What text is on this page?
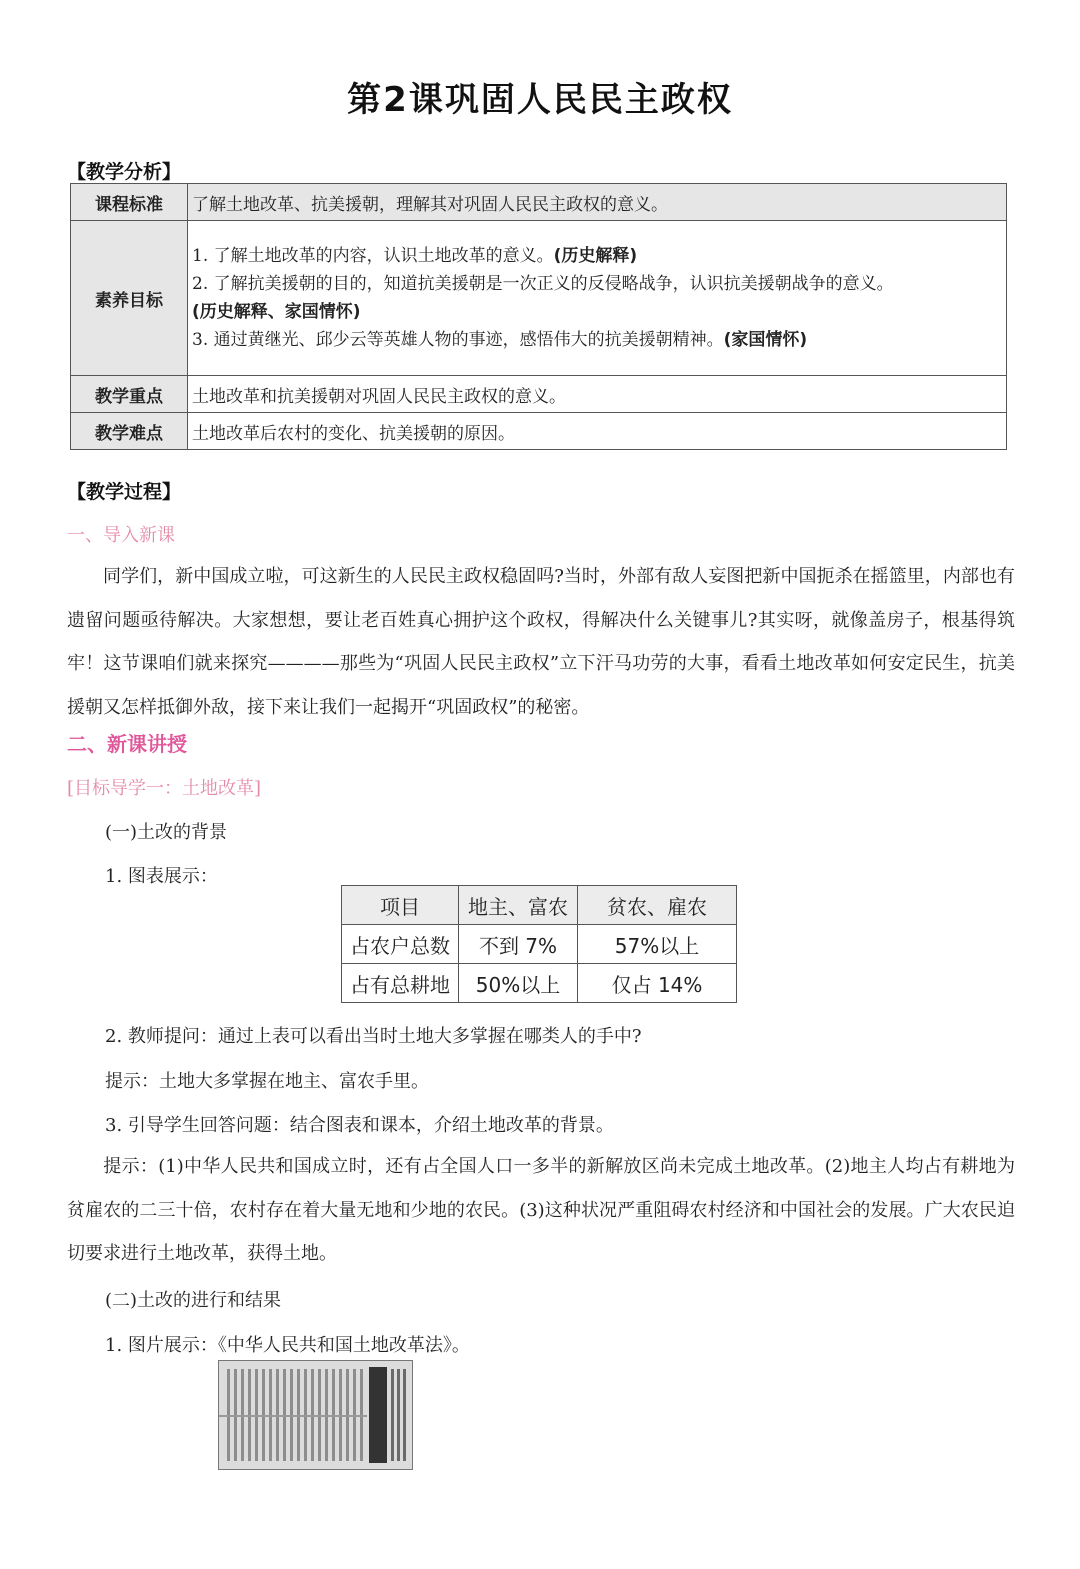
第2课巩固人民民主政权
【教学分析】
课程标准	了解土地改革、抗美援朝，理解其对巩固人民民主政权的意义。
素养目标	1. 了解土地改革的内容，认识土地改革的意义。(历史解释)
2. 了解抗美援朝的目的，知道抗美援朝是一次正义的反侵略战争，认识抗美援朝战争的意义。
(历史解释、家国情怀)
3. 通过黄继光、邱少云等英雄人物的事迹，感悟伟大的抗美援朝精神。(家国情怀)

教学重点	土地改革和抗美援朝对巩固人民民主政权的意义。
教学难点	土地改革后农村的变化、抗美援朝的原因。
【教学过程】
一、导入新课
同学们，新中国成立啦，可这新生的人民民主政权稳固吗?当时，外部有敌人妄图把新中国扼杀在摇篮里，内部也有遗留问题亟待解决。大家想想，要让老百姓真心拥护这个政权，得解决什么关键事儿?其实呀，就像盖房子，根基得筑牢！这节课咱们就来探究————那些为“巩固人民民主政权”立下汗马功劳的大事，看看土地改革如何安定民生，抗美援朝又怎样抵御外敌，接下来让我们一起揭开“巩固政权”的秘密。
二、新课讲授
[目标导学一：土地改革]
(一)土改的背景
1. 图表展示：
项目	地主、富农	贫农、雇农
占农户总数	不到 7%	57%以上
占有总耕地	50%以上	仅占 14%
2. 教师提问：通过上表可以看出当时土地大多掌握在哪类人的手中?
提示：土地大多掌握在地主、富农手里。
3. 引导学生回答问题：结合图表和课本，介绍土地改革的背景。
提示：(1)中华人民共和国成立时，还有占全国人口一多半的新解放区尚未完成土地改革。(2)地主人均占有耕地为贫雇农的二三十倍，农村存在着大量无地和少地的农民。(3)这种状况严重阻碍农村经济和中国社会的发展。广大农民迫切要求进行土地改革，获得土地。
(二)土改的进行和结果
1. 图片展示：《中华人民共和国土地改革法》。
